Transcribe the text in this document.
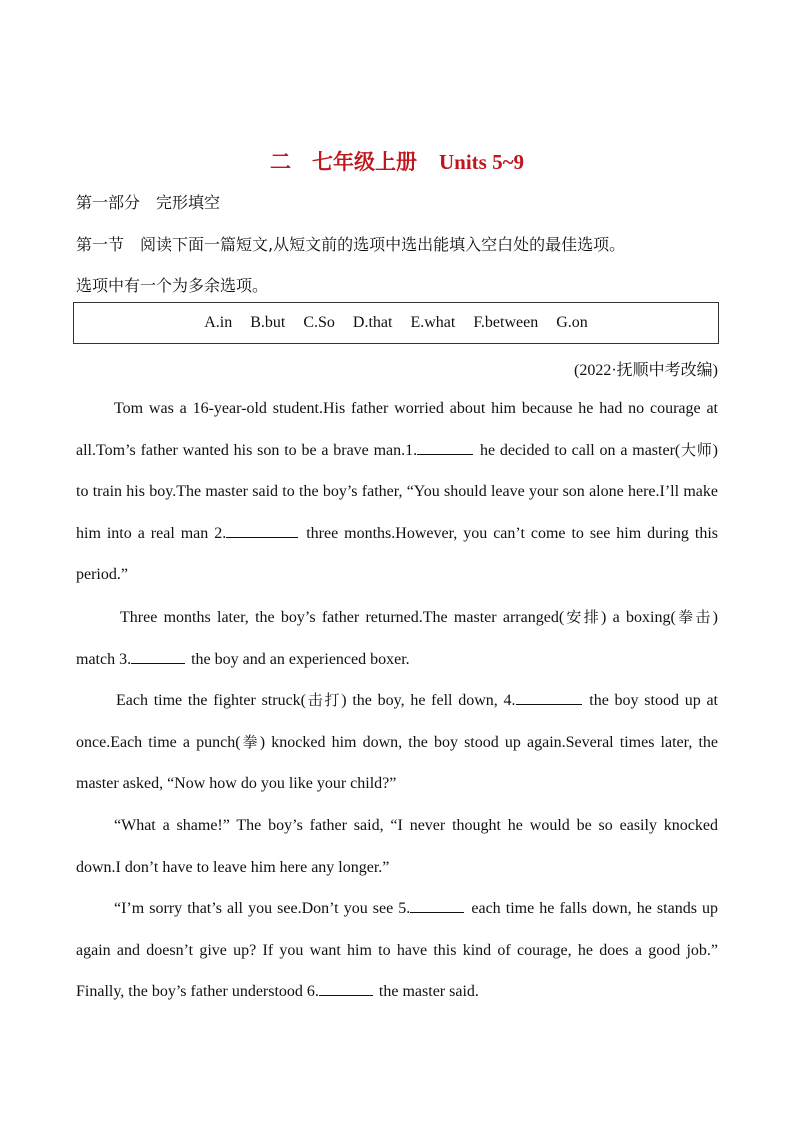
二　七年级上册 Units 5~9
第一部分　完形填空
第一节　阅读下面一篇短文,从短文前的选项中选出能填入空白处的最佳选项。
选项中有一个为多余选项。
A.in B.but C.So D.that E.what F.between G.on
(2022·抚顺中考改编)
Tom was a 16-year-old student.His father worried about him because he had no courage at all.Tom’s father wanted his son to be a brave man.1.	he decided to call on a master(大师) to train his boy.The master said to the boy’s father, “You should leave your son alone here.I’ll make him into a real man 2.	three months.However, you can’t come to see him during this period.”
Three months later, the boy’s father returned.The master arranged(安排) a boxing(拳击) match 3.	the boy and an experienced boxer.
Each time the fighter struck(击打) the boy, he fell down, 4.	the boy stood up at once.Each time a punch(拳) knocked him down, the boy stood up again.Several times later, the master asked, “Now how do you like your child?”
“What a shame!” The boy’s father said, “I never thought he would be so easily knocked down.I don’t have to leave him here any longer.”
“I’m sorry that’s all you see.Don’t you see 5.	each time he falls down, he stands up again and doesn’t give up? If you want him to have this kind of courage, he does a good job.” Finally, the boy’s father understood 6.	the master said.
